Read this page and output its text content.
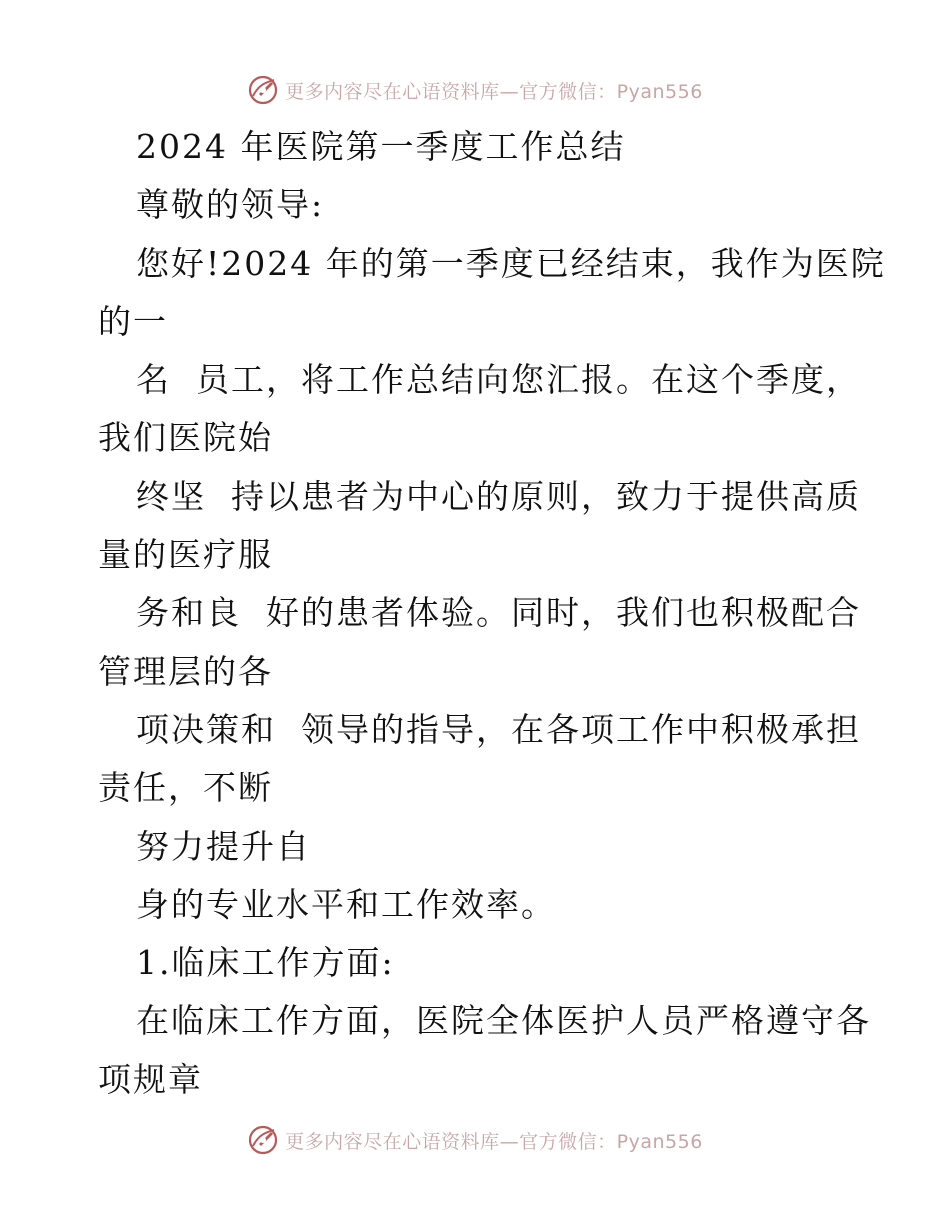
更多内容尽在心语资料库—官方微信：Pyan556
2024 年医院第一季度工作总结
尊敬的领导:
您好!2024 年的第一季度已经结束，我作为医院
的一
名  员工，将工作总结向您汇报。在这个季度，
我们医院始
终坚  持以患者为中心的原则，致力于提供高质
量的医疗服
务和良  好的患者体验。同时，我们也积极配合
管理层的各
项决策和  领导的指导，在各项工作中积极承担
责任，不断
努力提升自
身的专业水平和工作效率。
1.临床工作方面:
在临床工作方面，医院全体医护人员严格遵守各
项规章
更多内容尽在心语资料库—官方微信：Pyan556
